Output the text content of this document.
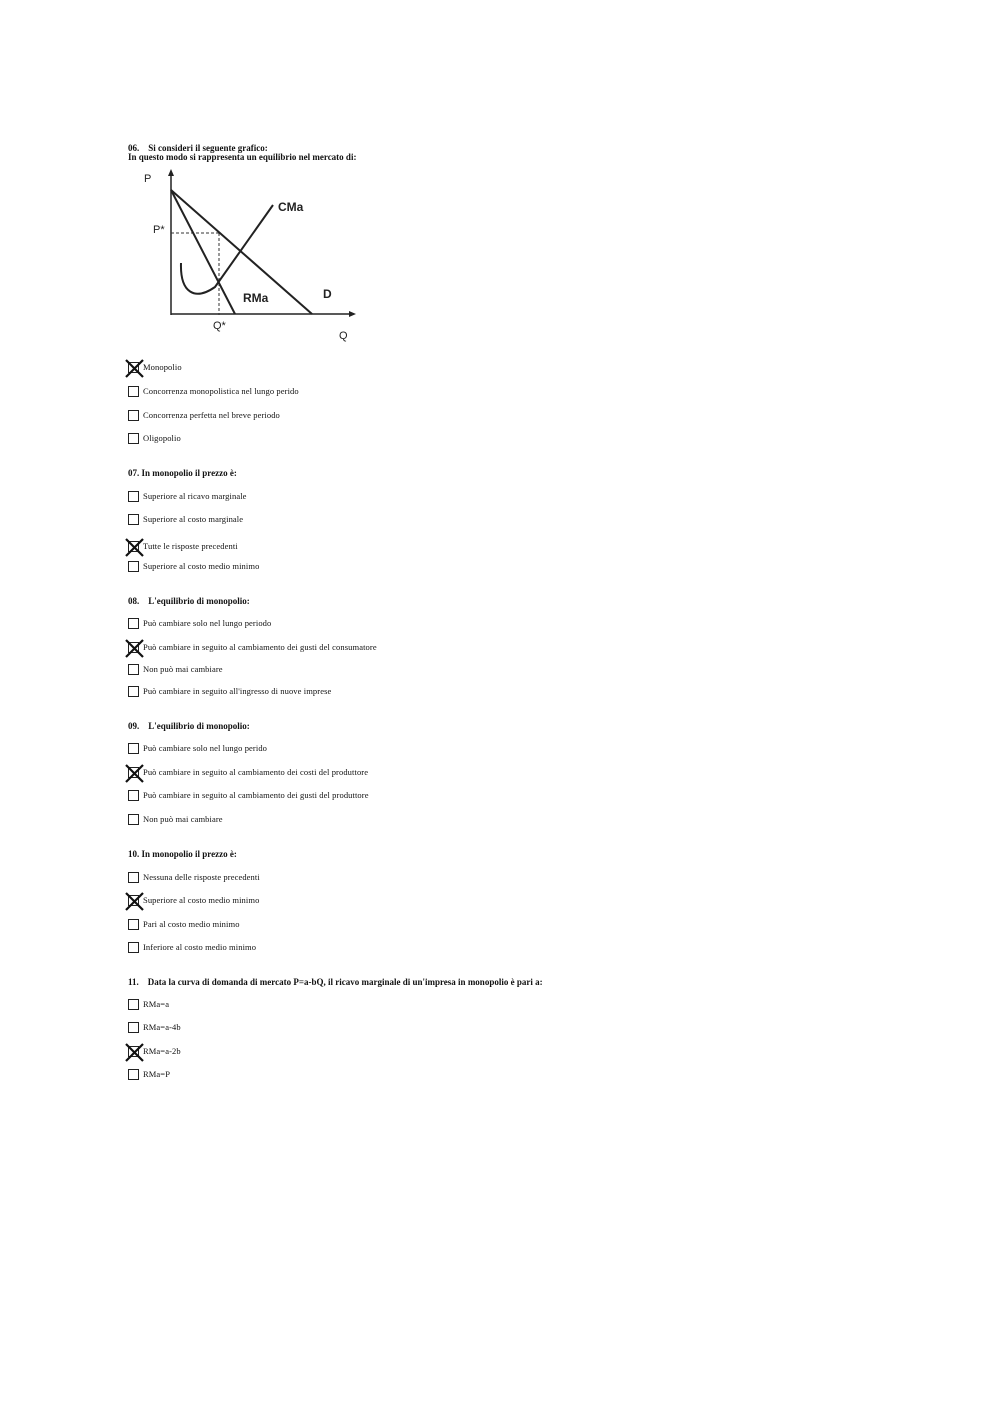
06. Si consideri il seguente grafico:
In questo modo si rappresenta un equilibrio nel mercato di:
P
Q
P*
Q*
CMa
RMa	D
Monopolio
Concorrenza monopolistica nel lungo perido
Concorrenza perfetta nel breve periodo
Oligopolio
07. In monopolio il prezzo è:
Superiore al ricavo marginale
Superiore al costo marginale
Tutte le risposte precedenti
Superiore al costo medio minimo
08. L'equilibrio di monopolio:
Può cambiare solo nel lungo periodo
Può cambiare in seguito al cambiamento dei gusti del consumatore
Non può mai cambiare
Può cambiare in seguito all'ingresso di nuove imprese
09. L'equilibrio di monopolio:
Può cambiare solo nel lungo perido
Può cambiare in seguito al cambiamento dei costi del produttore
Può cambiare in seguito al cambiamento dei gusti del produttore
Non può mai cambiare
10. In monopolio il prezzo è:
Nessuna delle risposte precedenti
Superiore al costo medio minimo
Pari al costo medio minimo
Inferiore al costo medio minimo
11. Data la curva di domanda di mercato P=a-bQ, il ricavo marginale di un'impresa in monopolio è pari a:
RMa=a
RMa=a-4b
RMa=a-2b
RMa=P
